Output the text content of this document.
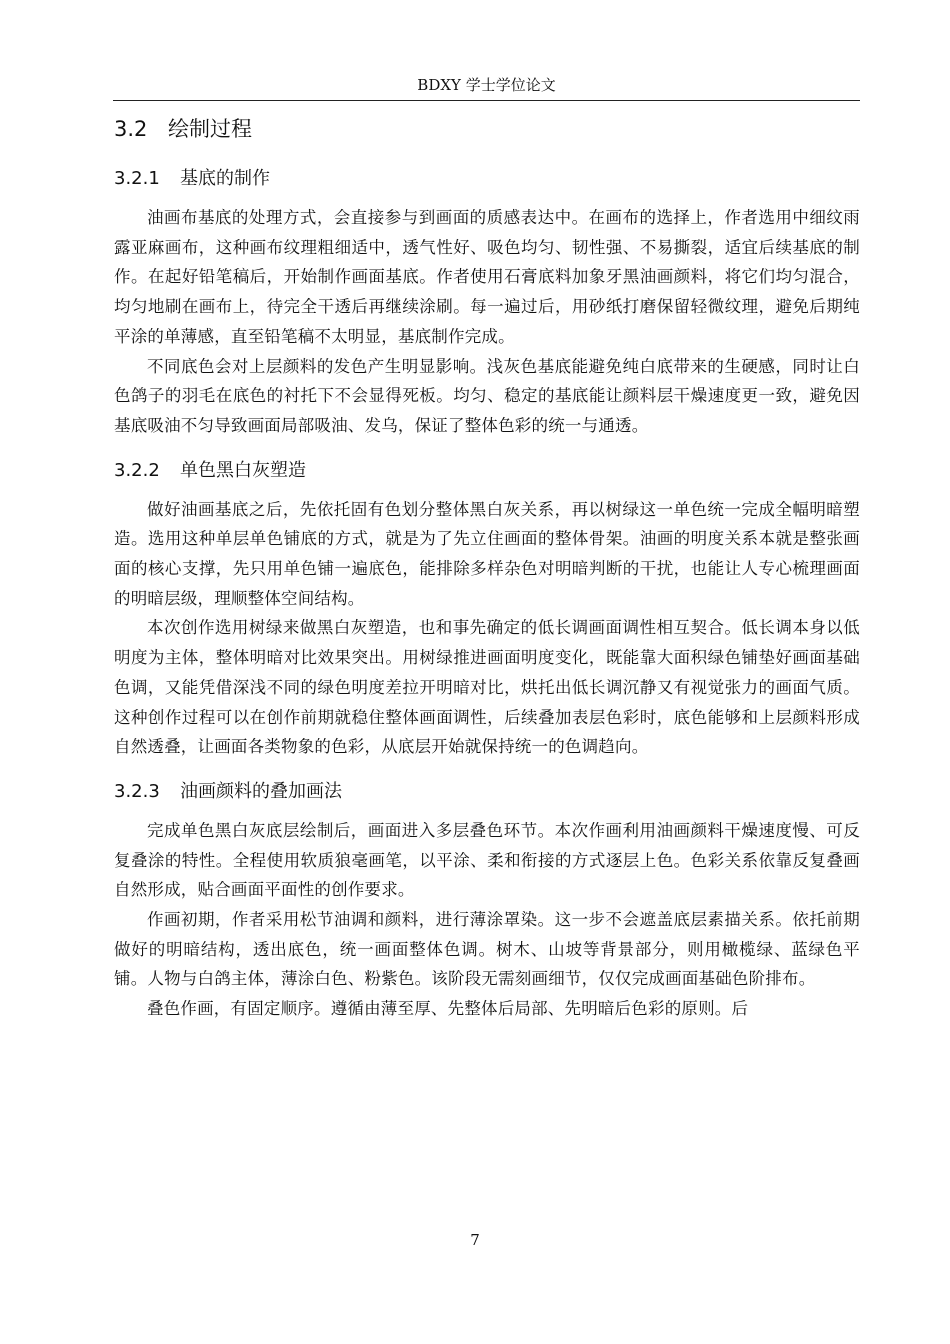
BDXY 学士学位论文
3.2 绘制过程
3.2.1 基底的制作

油画布基底的处理方式，会直接参与到画面的质感表达中。在画布的选择上，作者选用中细纹雨露亚麻画布，这种画布纹理粗细适中，透气性好、吸色均匀、韧性强、不易撕裂，适宜后续基底的制作。在起好铅笔稿后，开始制作画面基底。作者使用石膏底料加象牙黑油画颜料，将它们均匀混合，均匀地刷在画布上，待完全干透后再继续涂刷。每一遍过后，用砂纸打磨保留轻微纹理，避免后期纯平涂的单薄感，直至铅笔稿不太明显，基底制作完成。

不同底色会对上层颜料的发色产生明显影响。浅灰色基底能避免纯白底带来的生硬感，同时让白色鸽子的羽毛在底色的衬托下不会显得死板。均匀、稳定的基底能让颜料层干燥速度更一致，避免因基底吸油不匀导致画面局部吸油、发乌，保证了整体色彩的统一与通透。

3.2.2 单色黑白灰塑造

做好油画基底之后，先依托固有色划分整体黑白灰关系，再以树绿这一单色统一完成全幅明暗塑造。选用这种单层单色铺底的方式，就是为了先立住画面的整体骨架。油画的明度关系本就是整张画面的核心支撑，先只用单色铺一遍底色，能排除多样杂色对明暗判断的干扰，也能让人专心梳理画面的明暗层级，理顺整体空间结构。

本次创作选用树绿来做黑白灰塑造，也和事先确定的低长调画面调性相互契合。低长调本身以低明度为主体，整体明暗对比效果突出。用树绿推进画面明度变化，既能靠大面积绿色铺垫好画面基础色调，又能凭借深浅不同的绿色明度差拉开明暗对比，烘托出低长调沉静又有视觉张力的画面气质。这种创作过程可以在创作前期就稳住整体画面调性，后续叠加表层色彩时，底色能够和上层颜料形成自然透叠，让画面各类物象的色彩，从底层开始就保持统一的色调趋向。

3.2.3 油画颜料的叠加画法

完成单色黑白灰底层绘制后，画面进入多层叠色环节。本次作画利用油画颜料干燥速度慢、可反复叠涂的特性。全程使用软质狼毫画笔，以平涂、柔和衔接的方式逐层上色。色彩关系依靠反复叠画自然形成，贴合画面平面性的创作要求。

作画初期，作者采用松节油调和颜料，进行薄涂罩染。这一步不会遮盖底层素描关系。依托前期做好的明暗结构，透出底色，统一画面整体色调。树木、山坡等背景部分，则用橄榄绿、蓝绿色平铺。人物与白鸽主体，薄涂白色、粉紫色。该阶段无需刻画细节，仅仅完成画面基础色阶排布。

叠色作画，有固定顺序。遵循由薄至厚、先整体后局部、先明暗后色彩的原则。后

7
